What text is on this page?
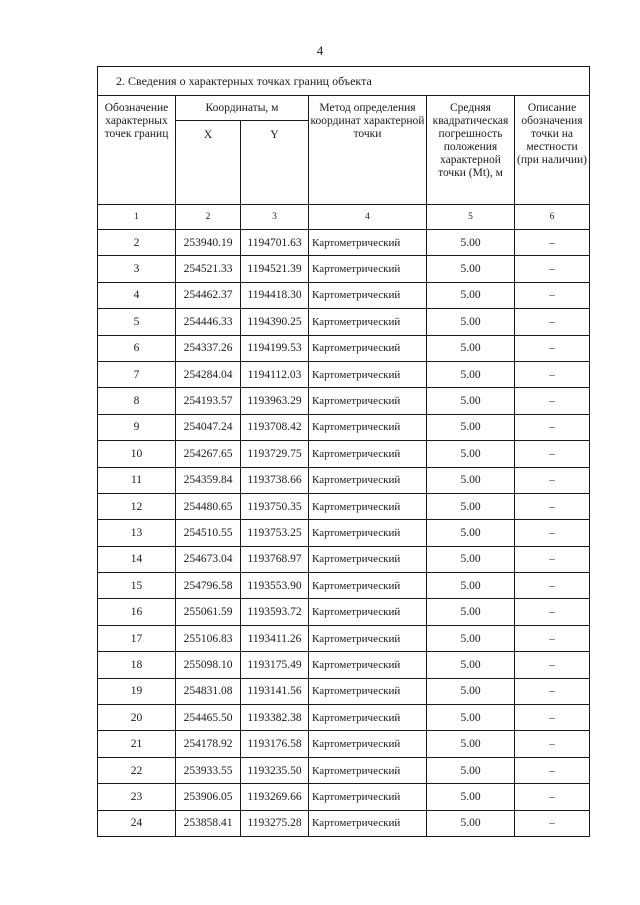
4
2. Сведения о характерных точках границ объекта					
Обозначение характерных точек границ	Координаты, м		Метод определения координат характерной точки	Средняя квадратическая погрешность положения характерной точки (Mt), м	Описание обозначения точки на местности (при наличии)
	X	Y			
1	2	3	4	5	6
2	253940.19	1194701.63	Картометрический	5.00	–
3	254521.33	1194521.39	Картометрический	5.00	–
4	254462.37	1194418.30	Картометрический	5.00	–
5	254446.33	1194390.25	Картометрический	5.00	–
6	254337.26	1194199.53	Картометрический	5.00	–
7	254284.04	1194112.03	Картометрический	5.00	–
8	254193.57	1193963.29	Картометрический	5.00	–
9	254047.24	1193708.42	Картометрический	5.00	–
10	254267.65	1193729.75	Картометрический	5.00	–
11	254359.84	1193738.66	Картометрический	5.00	–
12	254480.65	1193750.35	Картометрический	5.00	–
13	254510.55	1193753.25	Картометрический	5.00	–
14	254673.04	1193768.97	Картометрический	5.00	–
15	254796.58	1193553.90	Картометрический	5.00	–
16	255061.59	1193593.72	Картометрический	5.00	–
17	255106.83	1193411.26	Картометрический	5.00	–
18	255098.10	1193175.49	Картометрический	5.00	–
19	254831.08	1193141.56	Картометрический	5.00	–
20	254465.50	1193382.38	Картометрический	5.00	–
21	254178.92	1193176.58	Картометрический	5.00	–
22	253933.55	1193235.50	Картометрический	5.00	–
23	253906.05	1193269.66	Картометрический	5.00	–
24	253858.41	1193275.28	Картометрический	5.00	–
